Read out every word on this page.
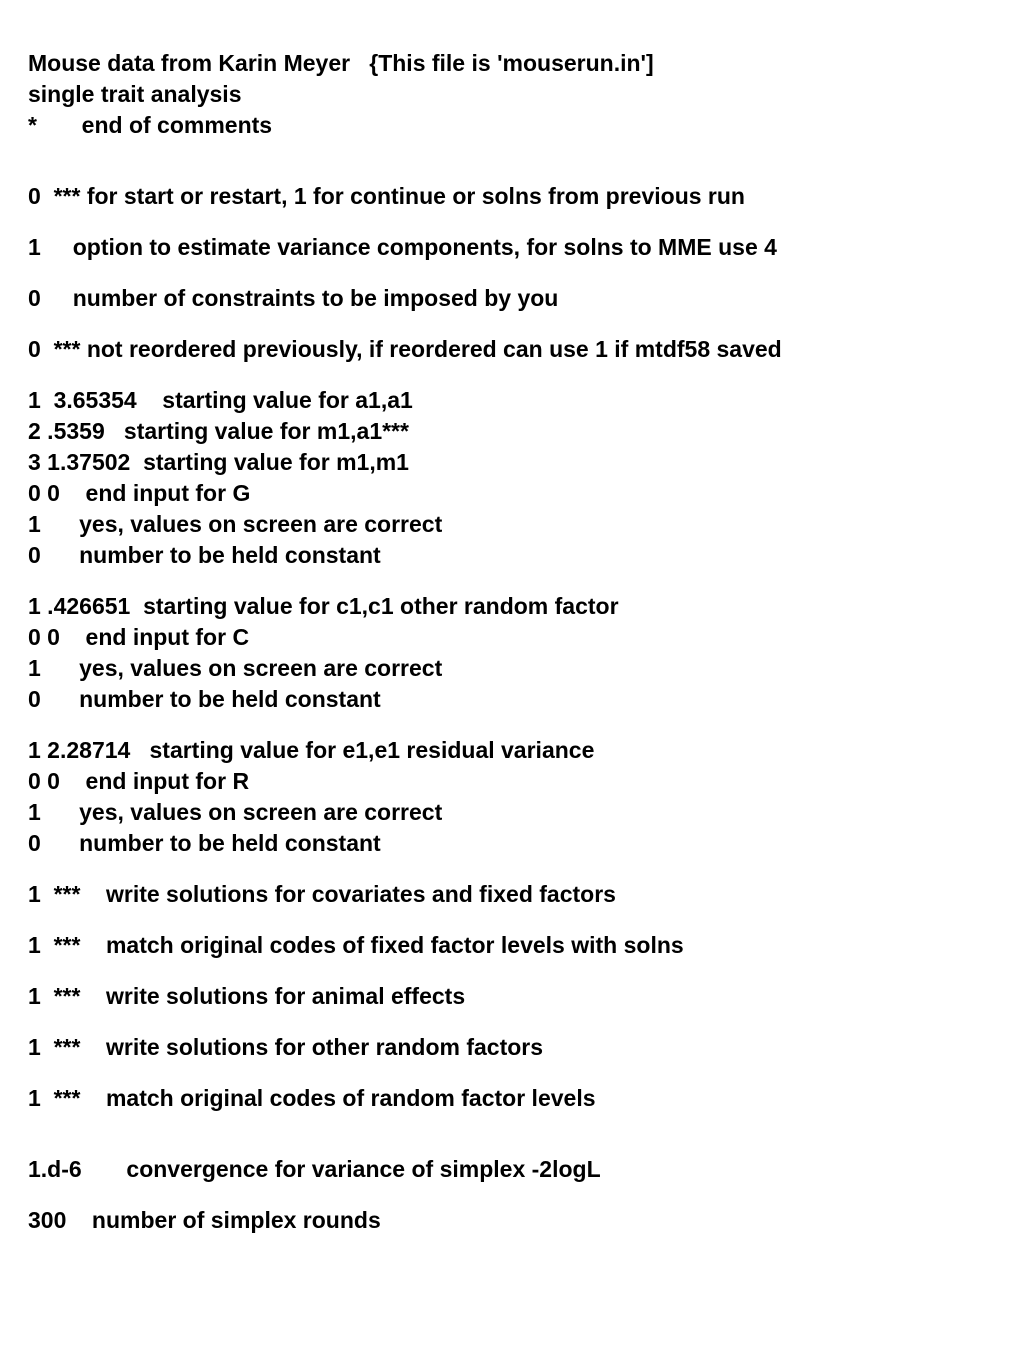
Mouse data from Karin Meyer   {This file is 'mouserun.in']
single trait analysis
*       end of comments
0  *** for start or restart, 1 for continue or solns from previous run
1     option to estimate variance components, for solns to MME use 4
0     number of constraints to be imposed by you
0  *** not reordered previously, if reordered can use 1 if mtdf58 saved
1  3.65354    starting value for a1,a1
2 .5359   starting value for m1,a1***
3 1.37502  starting value for m1,m1
0 0    end input for G
1      yes, values on screen are correct
0      number to be held constant
1 .426651  starting value for c1,c1 other random factor
0 0    end input for C
1      yes, values on screen are correct
0      number to be held constant
1 2.28714   starting value for e1,e1 residual variance
0 0    end input for R
1      yes, values on screen are correct
0      number to be held constant
1  ***    write solutions for covariates and fixed factors
1  ***    match original codes of fixed factor levels with solns
1  ***    write solutions for animal effects
1  ***    write solutions for other random factors
1  ***    match original codes of random factor levels
1.d-6       convergence for variance of simplex -2logL
300    number of simplex rounds
